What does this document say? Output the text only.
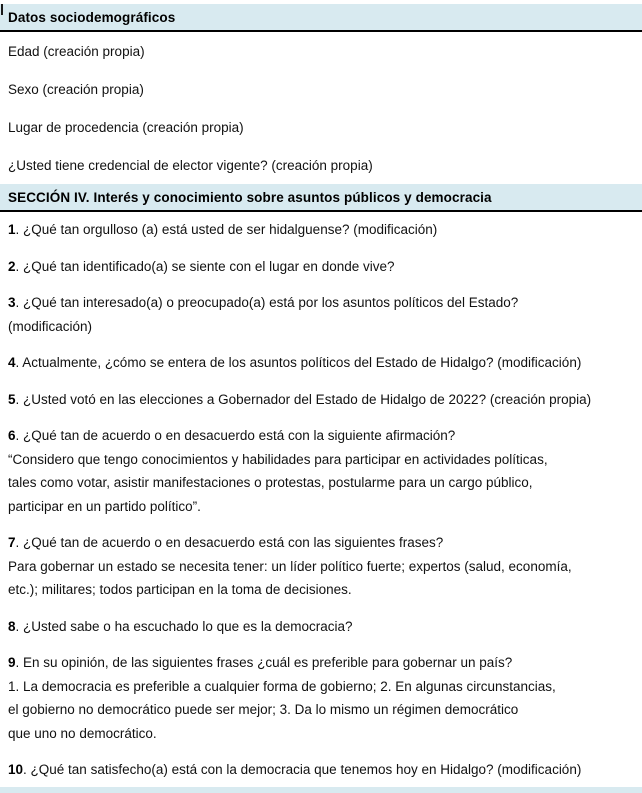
Datos sociodemográficos
Edad (creación propia)
Sexo (creación propia)
Lugar de procedencia (creación propia)
¿Usted tiene credencial de elector vigente? (creación propia)
SECCIÓN IV. Interés y conocimiento sobre asuntos públicos y democracia
1. ¿Qué tan orgulloso (a) está usted de ser hidalguense? (modificación)
2. ¿Qué tan identificado(a) se siente con el lugar en donde vive?
3. ¿Qué tan interesado(a) o preocupado(a) está por los asuntos políticos del Estado?
(modificación)
4. Actualmente, ¿cómo se entera de los asuntos políticos del Estado de Hidalgo? (modificación)
5. ¿Usted votó en las elecciones a Gobernador del Estado de Hidalgo de 2022? (creación propia)
6. ¿Qué tan de acuerdo o en desacuerdo está con la siguiente afirmación?
“Considero que tengo conocimientos y habilidades para participar en actividades políticas,
tales como votar, asistir manifestaciones o protestas, postularme para un cargo público,
participar en un partido político”.
7. ¿Qué tan de acuerdo o en desacuerdo está con las siguientes frases?
Para gobernar un estado se necesita tener: un líder político fuerte; expertos (salud, economía,
etc.); militares; todos participan en la toma de decisiones.
8. ¿Usted sabe o ha escuchado lo que es la democracia?
9. En su opinión, de las siguientes frases ¿cuál es preferible para gobernar un país?
1. La democracia es preferible a cualquier forma de gobierno; 2. En algunas circunstancias,
el gobierno no democrático puede ser mejor; 3. Da lo mismo un régimen democrático
que uno no democrático.
10. ¿Qué tan satisfecho(a) está con la democracia que tenemos hoy en Hidalgo? (modificación)
